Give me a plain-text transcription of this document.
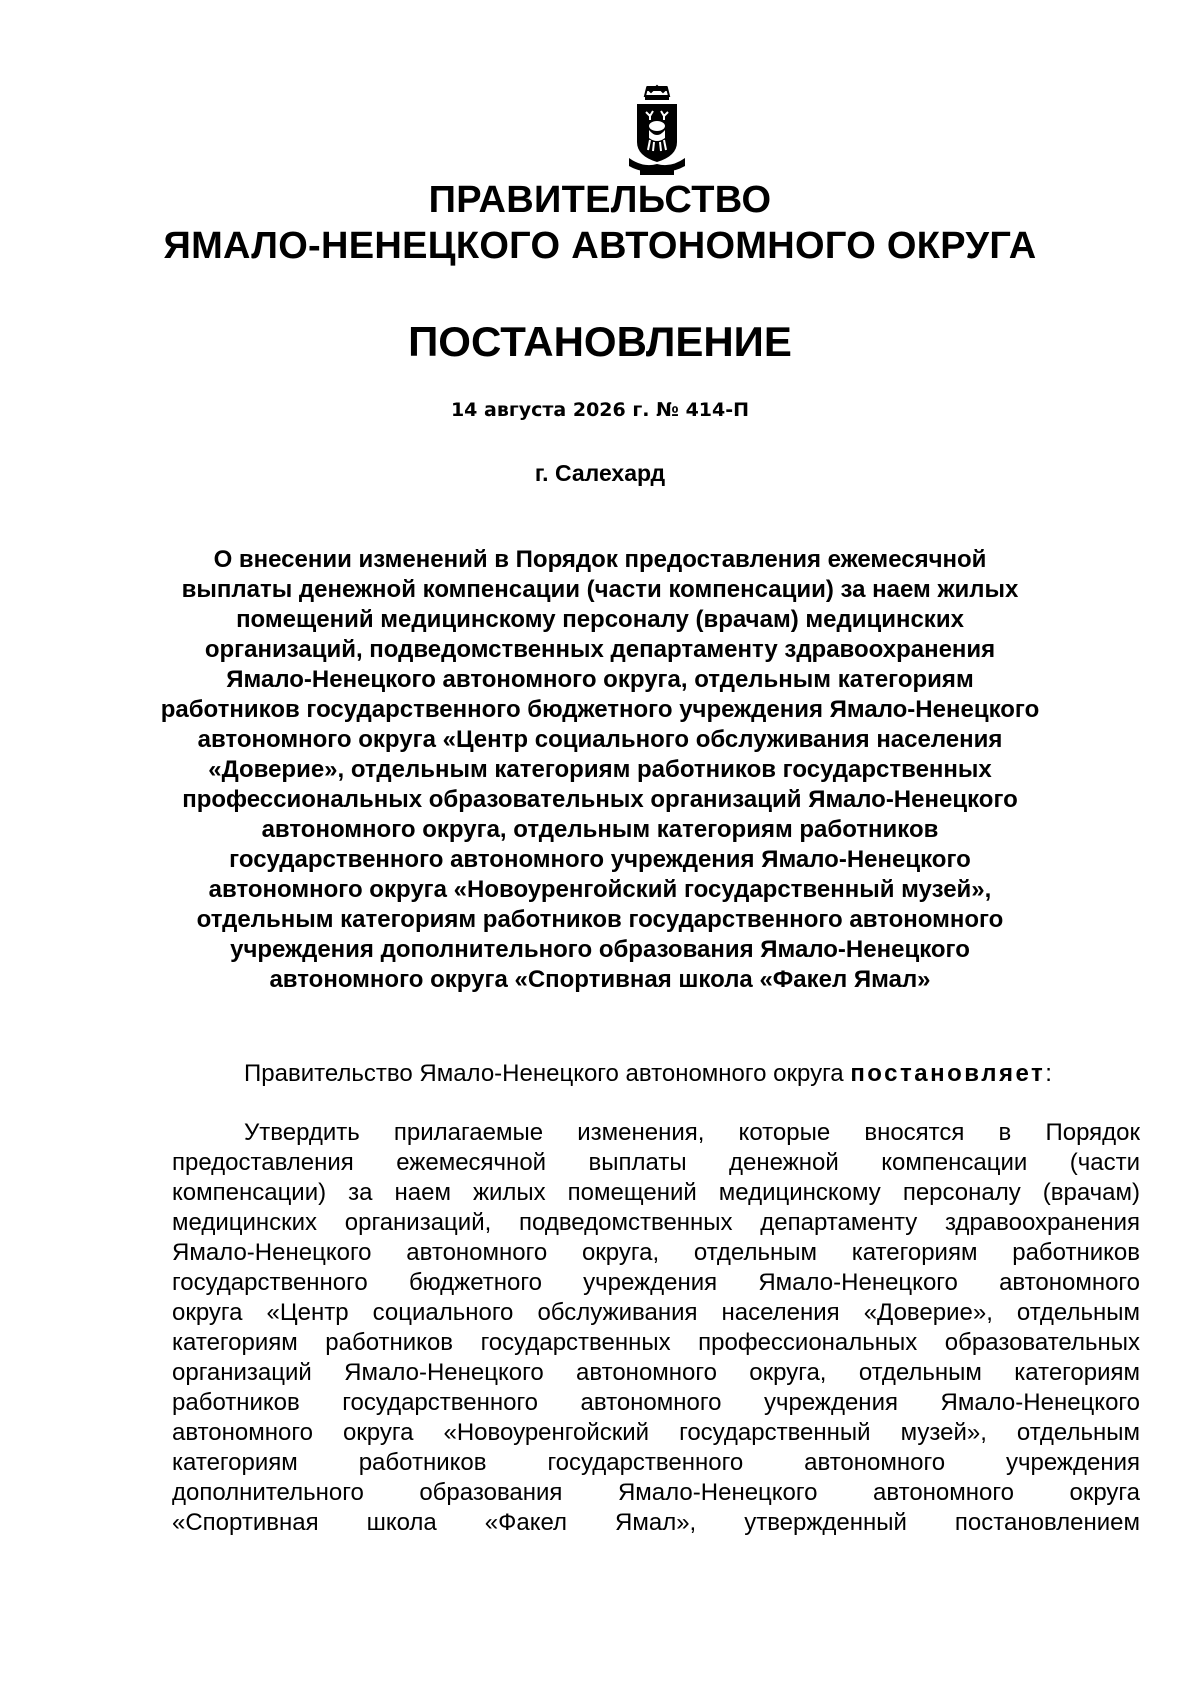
ПРАВИТЕЛЬСТВО
ЯМАЛО-НЕНЕЦКОГО АВТОНОМНОГО ОКРУГА
ПОСТАНОВЛЕНИЕ
14 августа 2026 г. № 414-П
г. Салехард
О внесении изменений в Порядок предоставления ежемесячной
выплаты денежной компенсации (части компенсации) за наем жилых
помещений медицинскому персоналу (врачам) медицинских
организаций, подведомственных департаменту здравоохранения
Ямало-Ненецкого автономного округа, отдельным категориям
работников государственного бюджетного учреждения Ямало-Ненецкого
автономного округа «Центр социального обслуживания населения
«Доверие», отдельным категориям работников государственных
профессиональных образовательных организаций Ямало-Ненецкого
автономного округа, отдельным категориям работников
государственного автономного учреждения Ямало-Ненецкого
автономного округа «Новоуренгойский государственный музей»,
отдельным категориям работников государственного автономного
учреждения дополнительного образования Ямало-Ненецкого
автономного округа «Спортивная школа «Факел Ямал»
Правительство Ямало-Ненецкого автономного округа постановляет:
Утвердить прилагаемые изменения, которые вносятся в Порядок
предоставления ежемесячной выплаты денежной компенсации (части
компенсации) за наем жилых помещений медицинскому персоналу (врачам)
медицинских организаций, подведомственных департаменту здравоохранения
Ямало-Ненецкого автономного округа, отдельным категориям работников
государственного бюджетного учреждения Ямало-Ненецкого автономного
округа «Центр социального обслуживания населения «Доверие», отдельным
категориям работников государственных профессиональных образовательных
организаций Ямало-Ненецкого автономного округа, отдельным категориям
работников государственного автономного учреждения Ямало-Ненецкого
автономного округа «Новоуренгойский государственный музей», отдельным
категориям работников государственного автономного учреждения
дополнительного образования Ямало-Ненецкого автономного округа
«Спортивная школа «Факел Ямал», утвержденный постановлением
